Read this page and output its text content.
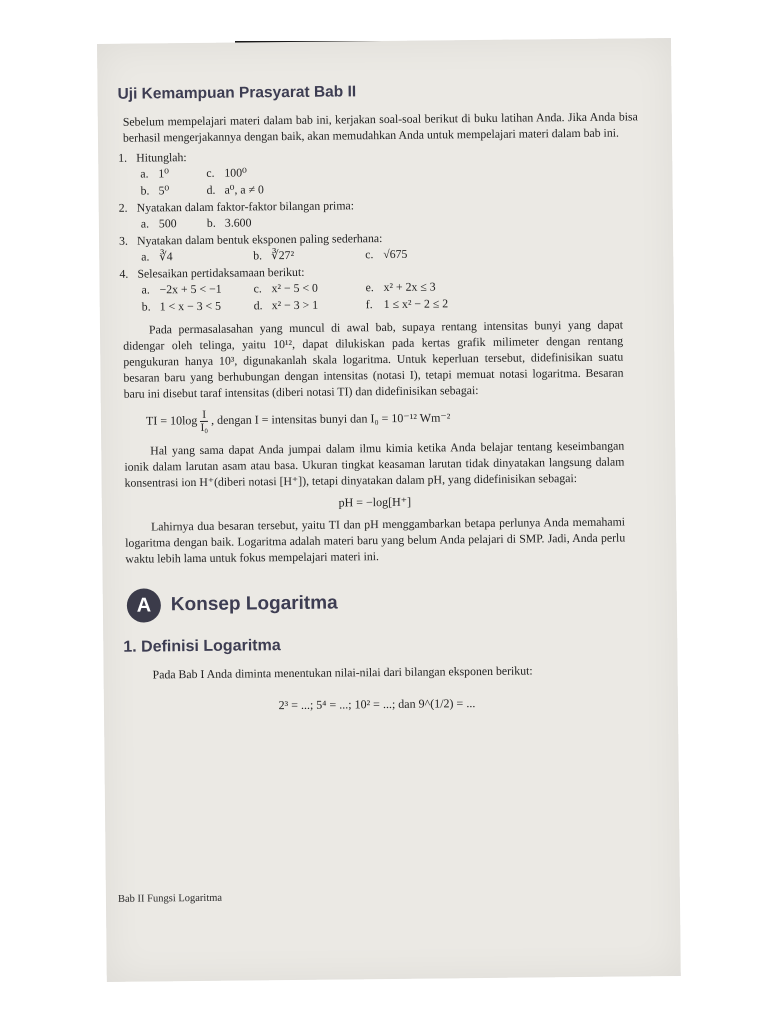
Uji Kemampuan Prasyarat Bab II

Sebelum mempelajari materi dalam bab ini, kerjakan soal-soal berikut di buku latihan Anda. Jika Anda bisa berhasil mengerjakannya dengan baik, akan memudahkan Anda untuk mempelajari materi dalam bab ini.

1. Hitunglah:
a. 1⁰	c. 100⁰
b. 5⁰	d. a⁰, a ≠ 0
2. Nyatakan dalam faktor-faktor bilangan prima:
a. 500	b. 3.600
3. Nyatakan dalam bentuk eksponen paling sederhana:
a. ∛4	b. ∛27²	c. √675
4. Selesaikan pertidaksamaan berikut:
a. −2x + 5 < −1	c. x² − 5 < 0	e. x² + 2x ≤ 3
b. 1 < x − 3 < 5	d. x² − 3 > 1	f. 1 ≤ x² − 2 ≤ 2

Pada permasalasahan yang muncul di awal bab, supaya rentang intensitas bunyi yang dapat didengar oleh telinga, yaitu 10¹², dapat dilukiskan pada kertas grafik milimeter dengan rentang pengukuran hanya 10³, digunakanlah skala logaritma. Untuk keperluan tersebut, didefinisikan suatu besaran baru yang berhubungan dengan intensitas (notasi I), tetapi memuat notasi logaritma. Besaran baru ini disebut taraf intensitas (diberi notasi TI) dan didefinisikan sebagai:

TI = $10\log \frac{I}{\text{I₀}}$ , dengan I = intensitas bunyi dan I₀ = 10⁻¹² Wm⁻²

Hal yang sama dapat Anda jumpai dalam ilmu kimia ketika Anda belajar tentang keseimbangan ionik dalam larutan asam atau basa. Ukuran tingkat keasaman larutan tidak dinyatakan langsung dalam konsentrasi ion H⁺(diberi notasi [H⁺]), tetapi dinyatakan dalam pH, yang didefinisikan sebagai:

pH = −log[H⁺]

Lahirnya dua besaran tersebut, yaitu TI dan pH menggambarkan betapa perlunya Anda memahami logaritma dengan baik. Logaritma adalah materi baru yang belum Anda pelajari di SMP. Jadi, Anda perlu waktu lebih lama untuk fokus mempelajari materi ini.

A	Konsep Logaritma
1. Definisi Logaritma

Pada Bab I Anda diminta menentukan nilai-nilai dari bilangan eksponen berikut:

2³ = ...; 5⁴ = ...; 10² = ...; dan 9^(1/2) = ...
Bab II Fungsi Logaritma
